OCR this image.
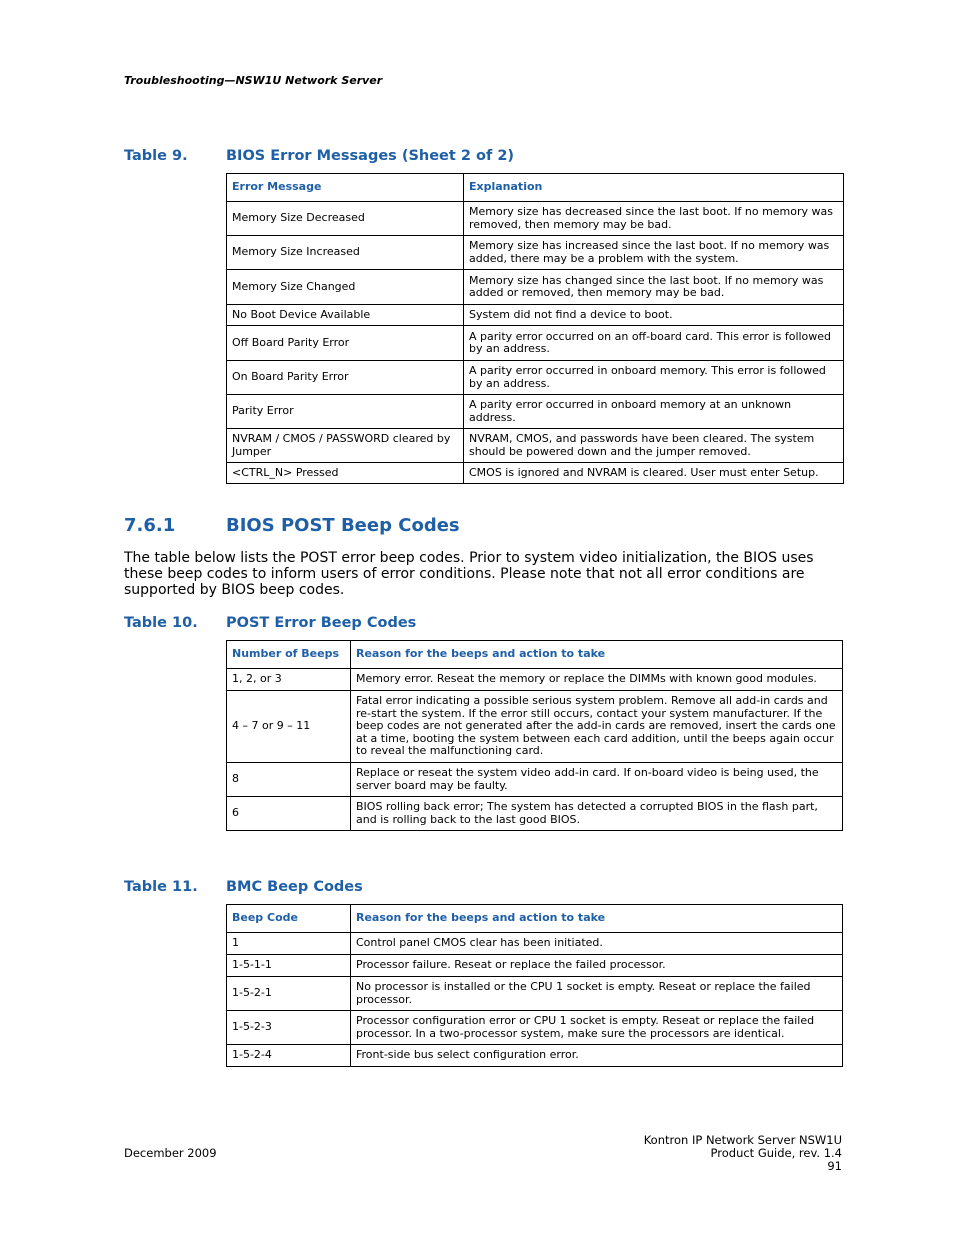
Troubleshooting—NSW1U Network Server
Table 9.	BIOS Error Messages (Sheet 2 of 2)
Error Message	Explanation
Memory Size Decreased	Memory size has decreased since the last boot. If no memory was removed, then memory may be bad.
Memory Size Increased	Memory size has increased since the last boot. If no memory was added, there may be a problem with the system.
Memory Size Changed	Memory size has changed since the last boot. If no memory was added or removed, then memory may be bad.
No Boot Device Available	System did not find a device to boot.
Off Board Parity Error	A parity error occurred on an off-board card. This error is followed by an address.
On Board Parity Error	A parity error occurred in onboard memory. This error is followed by an address.
Parity Error	A parity error occurred in onboard memory at an unknown address.
NVRAM / CMOS / PASSWORD cleared by Jumper	NVRAM, CMOS, and passwords have been cleared. The system should be powered down and the jumper removed.
<CTRL_N> Pressed	CMOS is ignored and NVRAM is cleared. User must enter Setup.
7.6.1	BIOS POST Beep Codes
The table below lists the POST error beep codes. Prior to system video initialization, the BIOS uses these beep codes to inform users of error conditions. Please note that not all error conditions are supported by BIOS beep codes.
Table 10. POST Error Beep Codes
Number of Beeps	Reason for the beeps and action to take
1, 2, or 3	Memory error. Reseat the memory or replace the DIMMs with known good modules.
4 – 7 or 9 – 11	Fatal error indicating a possible serious system problem. Remove all add-in cards and re-start the system. If the error still occurs, contact your system manufacturer. If the beep codes are not generated after the add-in cards are removed, insert the cards one at a time, booting the system between each card addition, until the beeps again occur to reveal the malfunctioning card.
8	Replace or reseat the system video add-in card. If on-board video is being used, the server board may be faulty.
6	BIOS rolling back error; The system has detected a corrupted BIOS in the flash part, and is rolling back to the last good BIOS.
Table 11. BMC Beep Codes
Beep Code	Reason for the beeps and action to take
1	Control panel CMOS clear has been initiated.
1-5-1-1	Processor failure. Reseat or replace the failed processor.
1-5-2-1	No processor is installed or the CPU 1 socket is empty. Reseat or replace the failed processor.
1-5-2-3	Processor configuration error or CPU 1 socket is empty. Reseat or replace the failed processor. In a two-processor system, make sure the processors are identical.
1-5-2-4	Front-side bus select configuration error.
December 2009
Kontron IP Network Server NSW1U
Product Guide, rev. 1.4
91
